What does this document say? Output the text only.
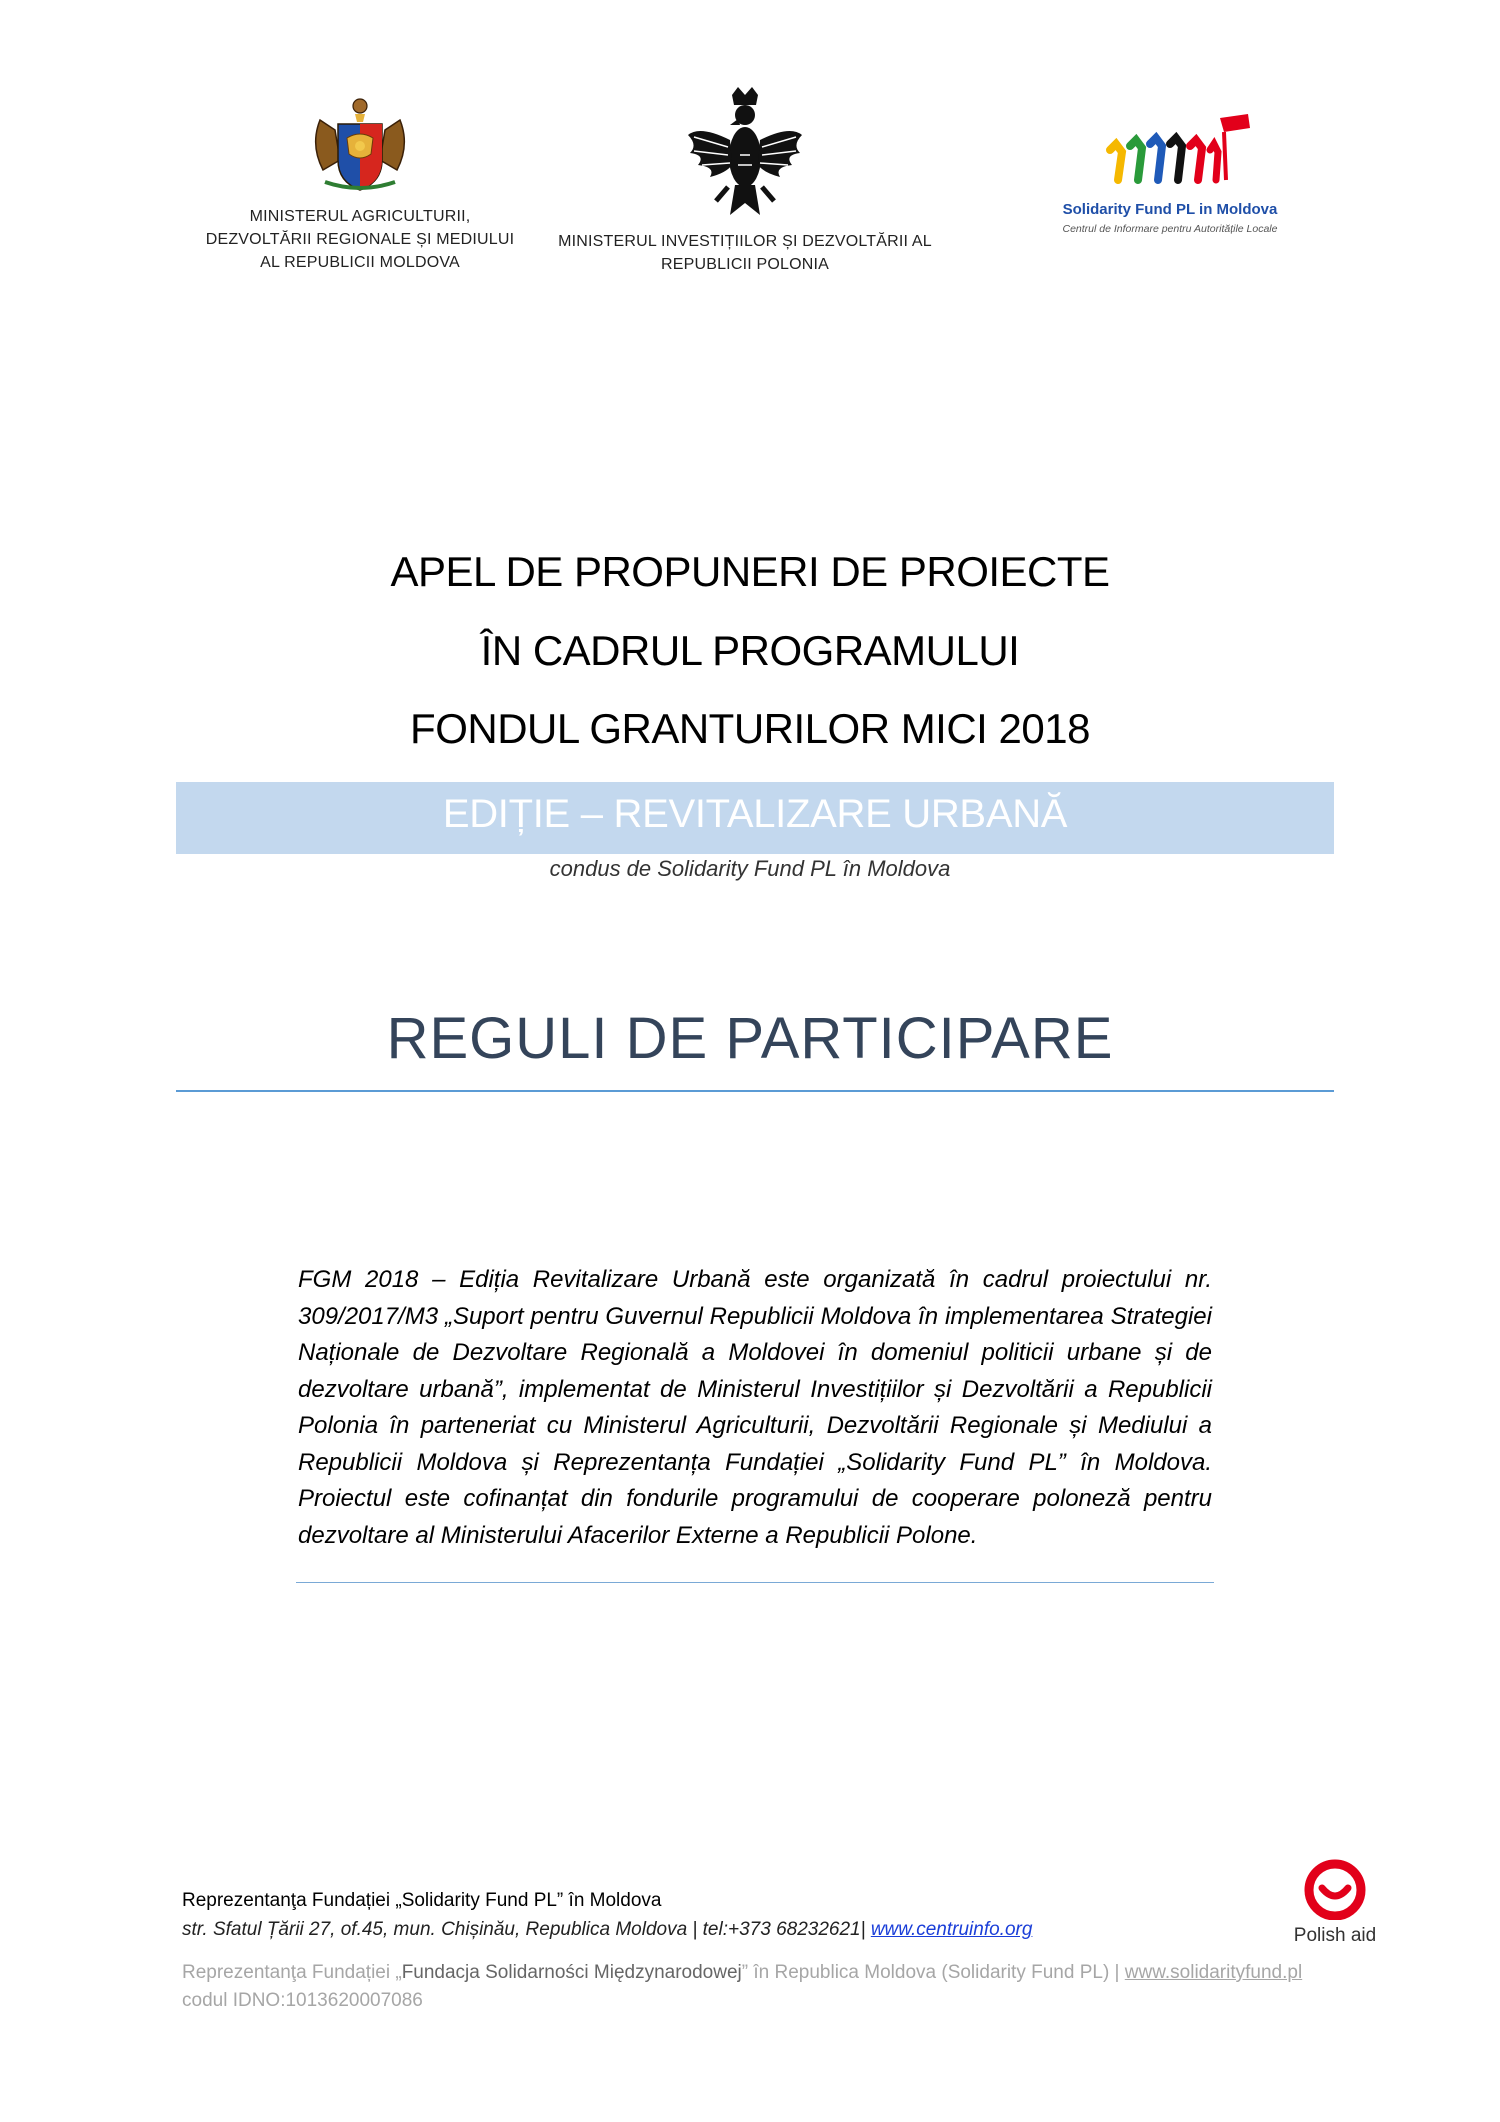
MINISTERUL AGRICULTURII,
DEZVOLTĂRII REGIONALE ȘI MEDIULUI
AL REPUBLICII MOLDOVA
MINISTERUL INVESTIȚIILOR ȘI DEZVOLTĂRII AL
REPUBLICII POLONIA
Solidarity Fund PL in Moldova
Centrul de Informare pentru Autoritățile Locale
APEL DE PROPUNERI DE PROIECTE
ÎN CADRUL PROGRAMULUI
FONDUL GRANTURILOR MICI 2018
EDIȚIE – REVITALIZARE URBANĂ
condus de Solidarity Fund PL în Moldova
REGULI DE PARTICIPARE
FGM 2018 – Ediția Revitalizare Urbană este organizată în cadrul proiectului nr. 309/2017/M3 „Suport pentru Guvernul Republicii Moldova în implementarea Strategiei Naționale de Dezvoltare Regională a Moldovei în domeniul politicii urbane și de dezvoltare urbană”, implementat de Ministerul Investițiilor și Dezvoltării a Republicii Polonia în parteneriat cu Ministerul Agriculturii, Dezvoltării Regionale și Mediului a Republicii Moldova și Reprezentanța Fundației „Solidarity Fund PL” în Moldova. Proiectul este cofinanțat din fondurile programului de cooperare poloneză pentru dezvoltare al Ministerului Afacerilor Externe a Republicii Polone.
Reprezentanţa Fundației „Solidarity Fund PL” în Moldova
str. Sfatul Țării 27, of.45, mun. Chișinău, Republica Moldova | tel:+373 68232621| www.centruinfo.org
Reprezentanţa Fundației „Fundacja Solidarności Międzynarodowej” în Republica Moldova (Solidarity Fund PL) | www.solidarityfund.pl
codul IDNO:1013620007086
Polish aid
